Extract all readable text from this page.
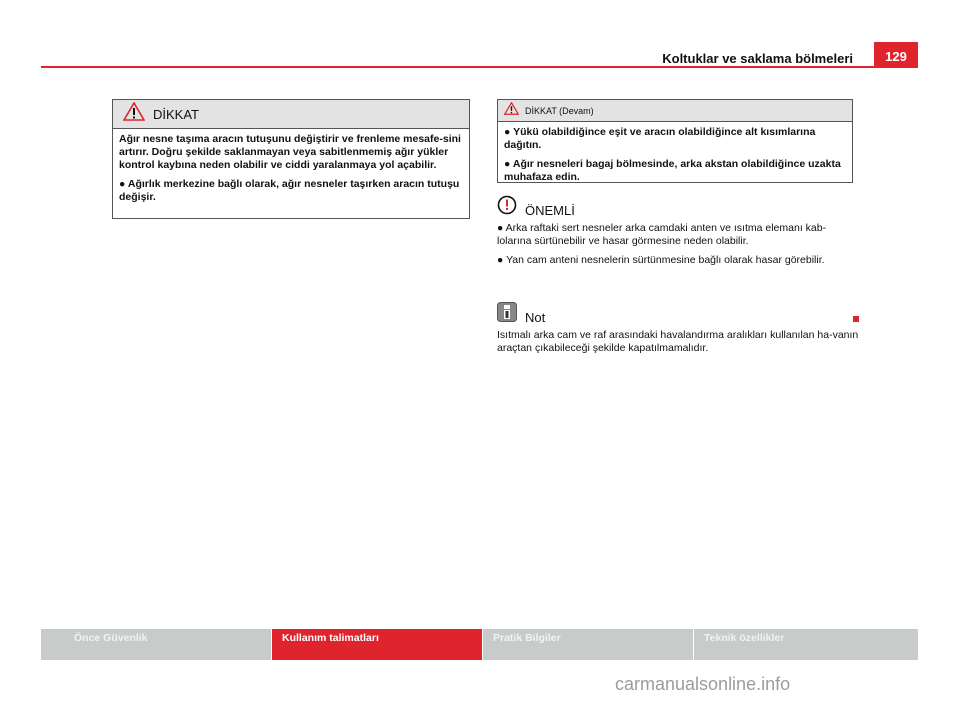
Koltuklar ve saklama bölmeleri	129
DİKKAT

Ağır nesne taşıma aracın tutuşunu değiştirir ve frenleme mesafe-sini artırır. Doğru şekilde saklanmayan veya sabitlenmemiş ağır yükler kontrol kaybına neden olabilir ve ciddi yaralanmaya yol açabilir.

● Ağırlık merkezine bağlı olarak, ağır nesneler taşırken aracın tutuşu değişir.

DİKKAT (Devam)

● Yükü olabildiğince eşit ve aracın olabildiğince alt kısımlarına dağıtın.

● Ağır nesneleri bagaj bölmesinde, arka akstan olabildiğince uzakta muhafaza edin.

ÖNEMLİ

● Arka raftaki sert nesneler arka camdaki anten ve ısıtma elemanı kab-lolarına sürtünebilir ve hasar görmesine neden olabilir.

● Yan cam anteni nesnelerin sürtünmesine bağlı olarak hasar görebilir.

Not

Isıtmalı arka cam ve raf arasındaki havalandırma aralıkları kullanılan ha-vanın araçtan çıkabileceği şekilde kapatılmamalıdır.

Önce Güvenlik	Kullanım talimatları	Pratik Bilgiler	Teknik özellikler
carmanualsonline.info
